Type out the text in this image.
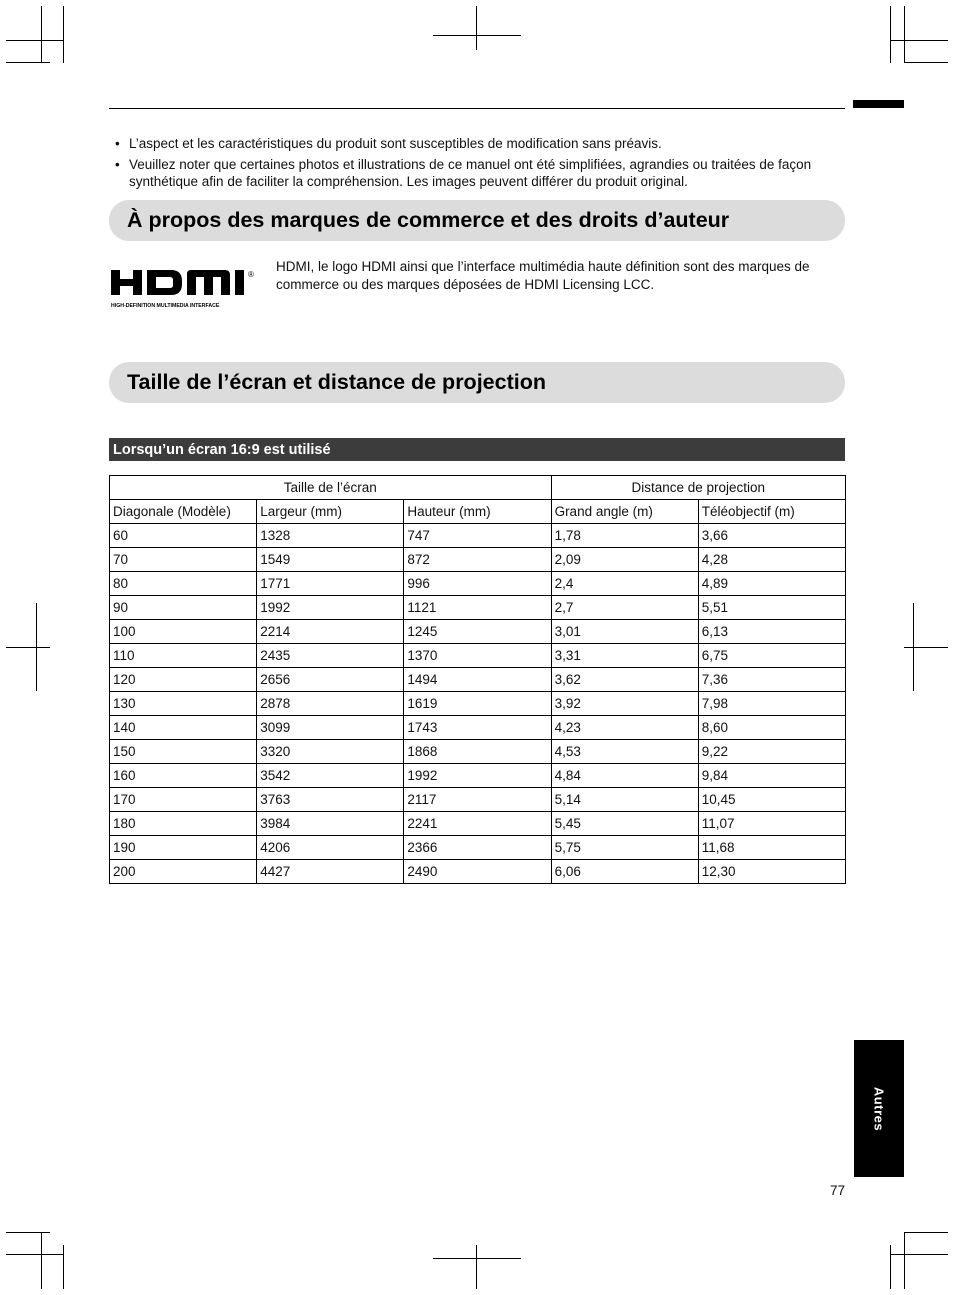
• L’aspect et les caractéristiques du produit sont susceptibles de modification sans préavis.
• Veuillez noter que certaines photos et illustrations de ce manuel ont été simplifiées, agrandies ou traitées de façon synthétique afin de faciliter la compréhension. Les images peuvent différer du produit original.
À propos des marques de commerce et des droits d’auteur
®
HIGH-DEFINITION MULTIMEDIA INTERFACE
HDMI, le logo HDMI ainsi que l’interface multimédia haute définition sont des marques de commerce ou des marques déposées de HDMI Licensing LCC.
Taille de l’écran et distance de projection
Lorsqu’un écran 16:9 est utilisé
Taille de l’écran			Distance de projection	
Diagonale (Modèle)	Largeur (mm)	Hauteur (mm)	Grand angle (m)	Téléobjectif (m)
60	1328	747	1,78	3,66
70	1549	872	2,09	4,28
80	1771	996	2,4	4,89
90	1992	1121	2,7	5,51
100	2214	1245	3,01	6,13
110	2435	1370	3,31	6,75
120	2656	1494	3,62	7,36
130	2878	1619	3,92	7,98
140	3099	1743	4,23	8,60
150	3320	1868	4,53	9,22
160	3542	1992	4,84	9,84
170	3763	2117	5,14	10,45
180	3984	2241	5,45	11,07
190	4206	2366	5,75	11,68
200	4427	2490	6,06	12,30
Autres
77
